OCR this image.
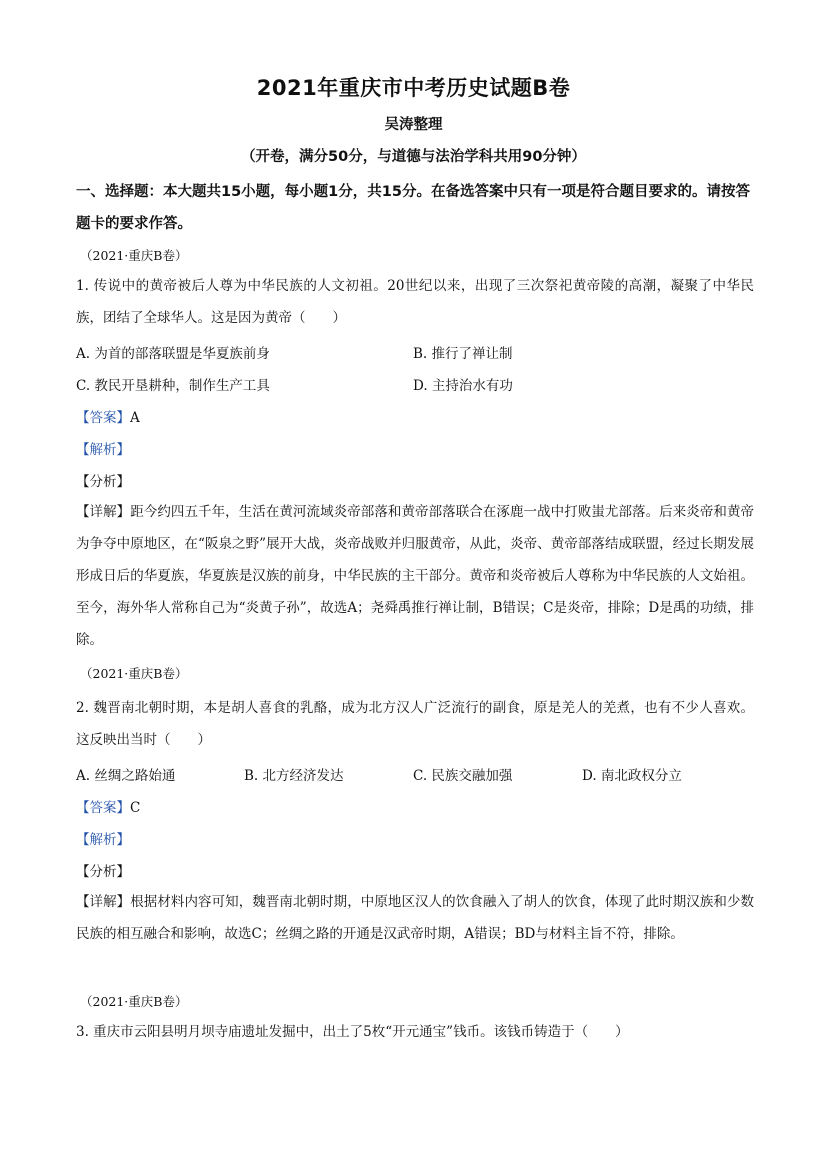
2021年重庆市中考历史试题B卷
吴涛整理
（开卷，满分50分，与道德与法治学科共用90分钟）
一、选择题：本大题共15小题，每小题1分，共15分。在备选答案中只有一项是符合题目要求的。请按答题卡的要求作答。
（2021·重庆B卷）
1. 传说中的黄帝被后人尊为中华民族的人文初祖。20世纪以来，出现了三次祭祀黄帝陵的高潮，凝聚了中华民族，团结了全球华人。这是因为黄帝（　　）
A. 为首的部落联盟是华夏族前身	B. 推行了禅让制
C. 教民开垦耕种，制作生产工具	D. 主持治水有功
【答案】A
【解析】
【分析】
【详解】距今约四五千年，生活在黄河流域炎帝部落和黄帝部落联合在涿鹿一战中打败蚩尤部落。后来炎帝和黄帝为争夺中原地区，在“阪泉之野”展开大战，炎帝战败并归服黄帝，从此，炎帝、黄帝部落结成联盟，经过长期发展形成日后的华夏族，华夏族是汉族的前身，中华民族的主干部分。黄帝和炎帝被后人尊称为中华民族的人文始祖。至今，海外华人常称自己为“炎黄子孙”，故选A；尧舜禹推行禅让制，B错误；C是炎帝，排除；D是禹的功绩，排除。
（2021·重庆B卷）
2. 魏晋南北朝时期，本是胡人喜食的乳酪，成为北方汉人广泛流行的副食，原是羌人的羌煮，也有不少人喜欢。这反映出当时（　　）
A. 丝绸之路始通	B. 北方经济发达	C. 民族交融加强	D. 南北政权分立
【答案】C
【解析】
【分析】
【详解】根据材料内容可知，魏晋南北朝时期，中原地区汉人的饮食融入了胡人的饮食，体现了此时期汉族和少数民族的相互融合和影响，故选C；丝绸之路的开通是汉武帝时期，A错误；BD与材料主旨不符，排除。
（2021·重庆B卷）
3. 重庆市云阳县明月坝寺庙遗址发掘中，出土了5枚“开元通宝”钱币。该钱币铸造于（　　）
